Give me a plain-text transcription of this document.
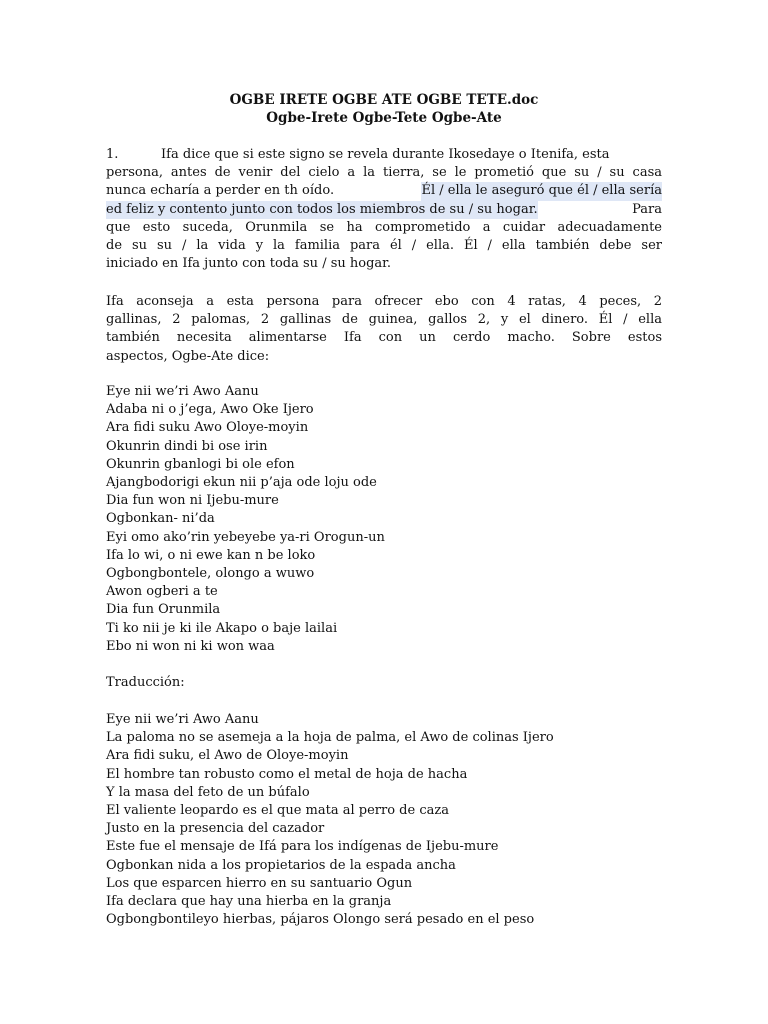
OGBE IRETE OGBE ATE OGBE TETE.doc
Ogbe-Irete Ogbe-Tete Ogbe-Ate
1.	Ifa dice que si este signo se revela durante Ikosedaye o Itenifa, esta
persona, antes de venir del cielo a la tierra, se le prometió que su / su casa
nunca echaría a perder en th oído.	Él / ella le aseguró que él / ella sería
ed feliz y contento junto con todos los miembros de su / su hogar.	Para
que esto suceda, Orunmila se ha comprometido a cuidar adecuadamente
de su su / la vida y la familia para él / ella. Él / ella también debe ser
iniciado en Ifa junto con toda su / su hogar.
Ifa aconseja a esta persona para ofrecer ebo con 4 ratas, 4 peces, 2
gallinas, 2 palomas, 2 gallinas de guinea, gallos 2, y el dinero. Él / ella
también necesita alimentarse Ifa con un cerdo macho. Sobre estos
aspectos, Ogbe-Ate dice:
Eye nii we’ri Awo Aanu
Adaba ni o j’ega, Awo Oke Ijero
Ara fidi suku Awo Oloye-moyin
Okunrin dindi bi ose irin
Okunrin gbanlogi bi ole efon
Ajangbodorigi ekun nii p’aja ode loju ode
Dia fun won ni Ijebu-mure
Ogbonkan- ni’da
Eyi omo ako’rin yebeyebe ya-ri Orogun-un
Ifa lo wi, o ni ewe kan n be loko
Ogbongbontele, olongo a wuwo
Awon ogberi a te
Dia fun Orunmila
Ti ko nii je ki ile Akapo o baje lailai
Ebo ni won ni ki won waa
Traducción:
Eye nii we’ri Awo Aanu
La paloma no se asemeja a la hoja de palma, el Awo de colinas Ijero
Ara fidi suku, el Awo de Oloye-moyin
El hombre tan robusto como el metal de hoja de hacha
Y la masa del feto de un búfalo
El valiente leopardo es el que mata al perro de caza
Justo en la presencia del cazador
Este fue el mensaje de Ifá para los indígenas de Ijebu-mure
Ogbonkan nida a los propietarios de la espada ancha
Los que esparcen hierro en su santuario Ogun
Ifa declara que hay una hierba en la granja
Ogbongbontileyo hierbas, pájaros Olongo será pesado en el peso
